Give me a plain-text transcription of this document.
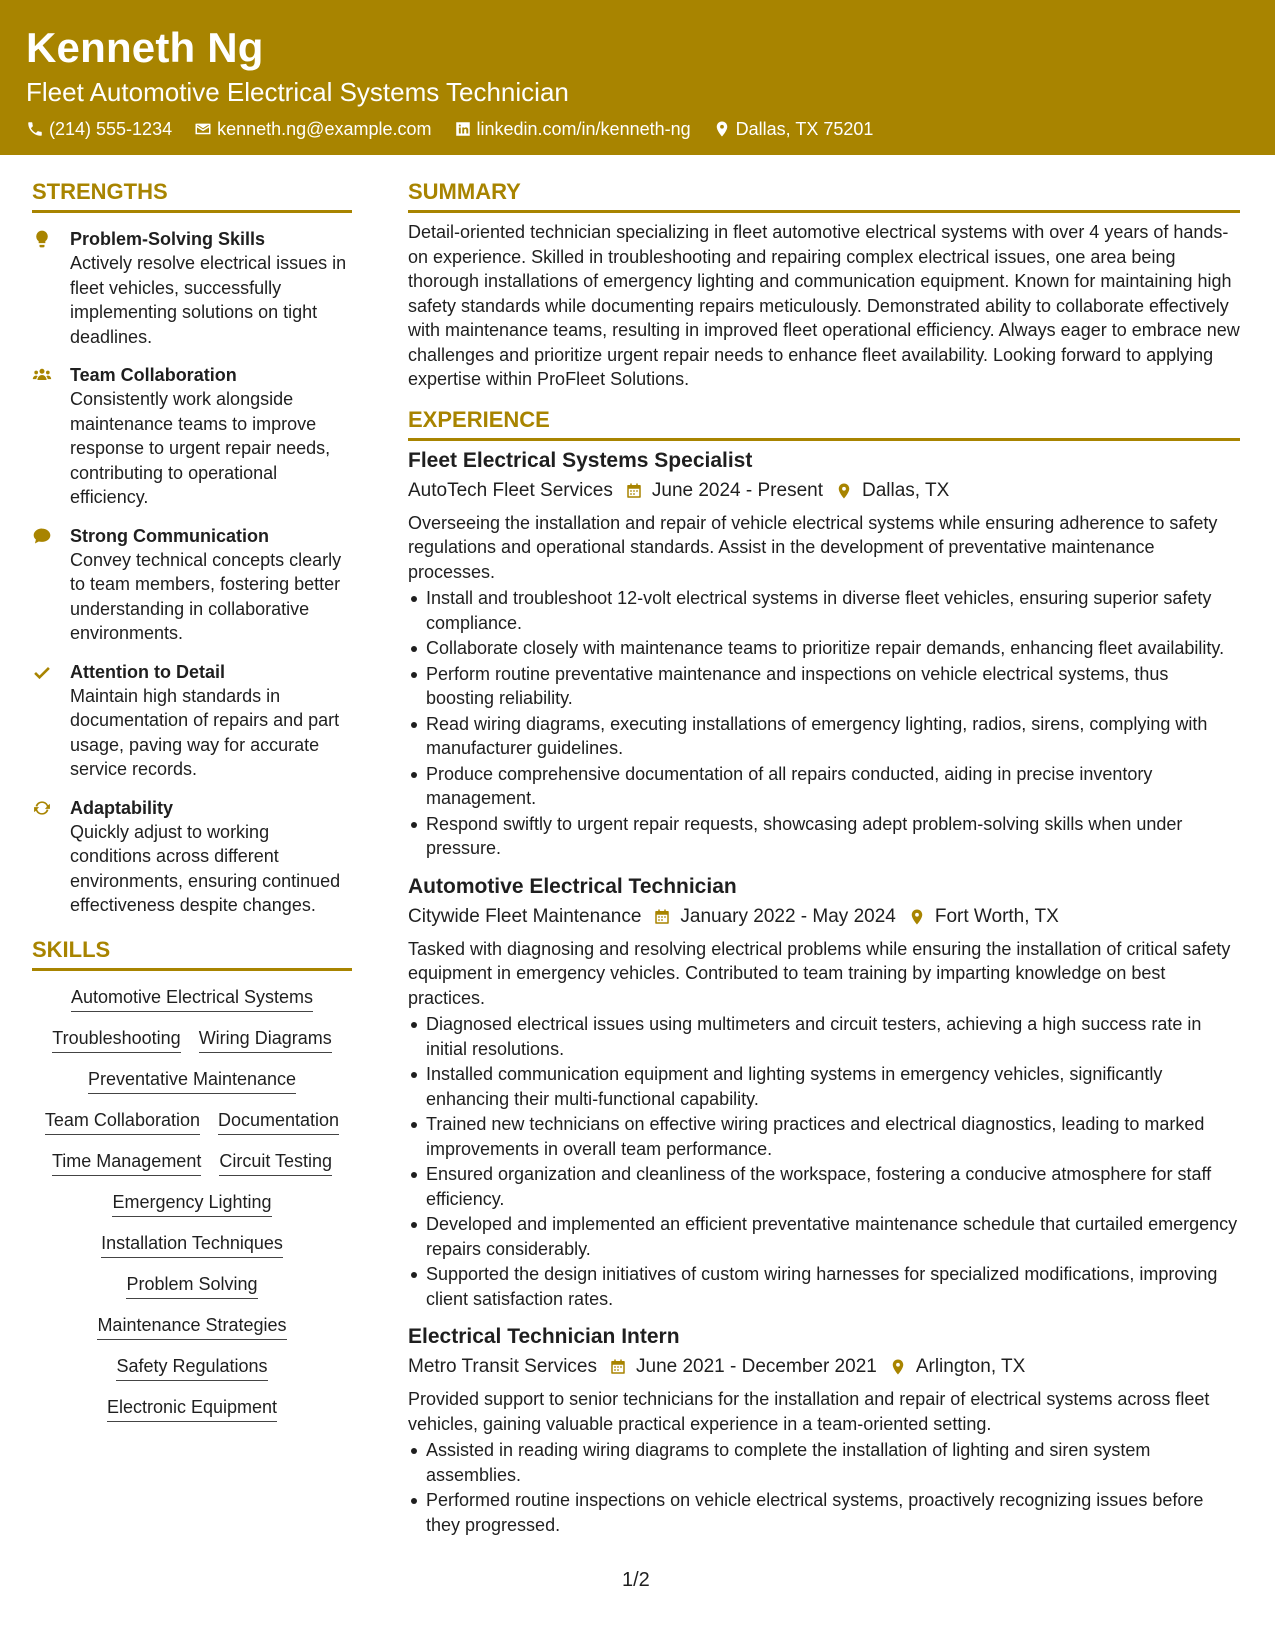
Kenneth Ng
Fleet Automotive Electrical Systems Technician
(214) 555-1234	kenneth.ng@example.com	linkedin.com/in/kenneth-ng	Dallas, TX 75201
STRENGTHS
Problem-Solving Skills
Actively resolve electrical issues in fleet vehicles, successfully implementing solutions on tight deadlines.
Team Collaboration
Consistently work alongside maintenance teams to improve response to urgent repair needs, contributing to operational efficiency.
Strong Communication
Convey technical concepts clearly to team members, fostering better understanding in collaborative environments.
Attention to Detail
Maintain high standards in documentation of repairs and part usage, paving way for accurate service records.
Adaptability
Quickly adjust to working conditions across different environments, ensuring continued effectiveness despite changes.
SKILLS
Automotive Electrical Systems
Troubleshooting Wiring Diagrams
Preventative Maintenance
Team Collaboration Documentation
Time Management Circuit Testing
Emergency Lighting
Installation Techniques
Problem Solving
Maintenance Strategies
Safety Regulations
Electronic Equipment
SUMMARY
Detail-oriented technician specializing in fleet automotive electrical systems with over 4 years of hands-on experience. Skilled in troubleshooting and repairing complex electrical issues, one area being thorough installations of emergency lighting and communication equipment. Known for maintaining high safety standards while documenting repairs meticulously. Demonstrated ability to collaborate effectively with maintenance teams, resulting in improved fleet operational efficiency. Always eager to embrace new challenges and prioritize urgent repair needs to enhance fleet availability. Looking forward to applying expertise within ProFleet Solutions.
EXPERIENCE
Fleet Electrical Systems Specialist
AutoTech Fleet Services June 2024 - Present Dallas, TX
Overseeing the installation and repair of vehicle electrical systems while ensuring adherence to safety regulations and operational standards. Assist in the development of preventative maintenance processes.
Install and troubleshoot 12-volt electrical systems in diverse fleet vehicles, ensuring superior safety compliance.
Collaborate closely with maintenance teams to prioritize repair demands, enhancing fleet availability.
Perform routine preventative maintenance and inspections on vehicle electrical systems, thus boosting reliability.
Read wiring diagrams, executing installations of emergency lighting, radios, sirens, complying with manufacturer guidelines.
Produce comprehensive documentation of all repairs conducted, aiding in precise inventory management.
Respond swiftly to urgent repair requests, showcasing adept problem-solving skills when under pressure.
Automotive Electrical Technician
Citywide Fleet Maintenance January 2022 - May 2024 Fort Worth, TX
Tasked with diagnosing and resolving electrical problems while ensuring the installation of critical safety equipment in emergency vehicles. Contributed to team training by imparting knowledge on best practices.
Diagnosed electrical issues using multimeters and circuit testers, achieving a high success rate in initial resolutions.
Installed communication equipment and lighting systems in emergency vehicles, significantly enhancing their multi-functional capability.
Trained new technicians on effective wiring practices and electrical diagnostics, leading to marked improvements in overall team performance.
Ensured organization and cleanliness of the workspace, fostering a conducive atmosphere for staff efficiency.
Developed and implemented an efficient preventative maintenance schedule that curtailed emergency repairs considerably.
Supported the design initiatives of custom wiring harnesses for specialized modifications, improving client satisfaction rates.
Electrical Technician Intern
Metro Transit Services June 2021 - December 2021 Arlington, TX
Provided support to senior technicians for the installation and repair of electrical systems across fleet vehicles, gaining valuable practical experience in a team-oriented setting.
Assisted in reading wiring diagrams to complete the installation of lighting and siren system assemblies.
Performed routine inspections on vehicle electrical systems, proactively recognizing issues before they progressed.
1/2
